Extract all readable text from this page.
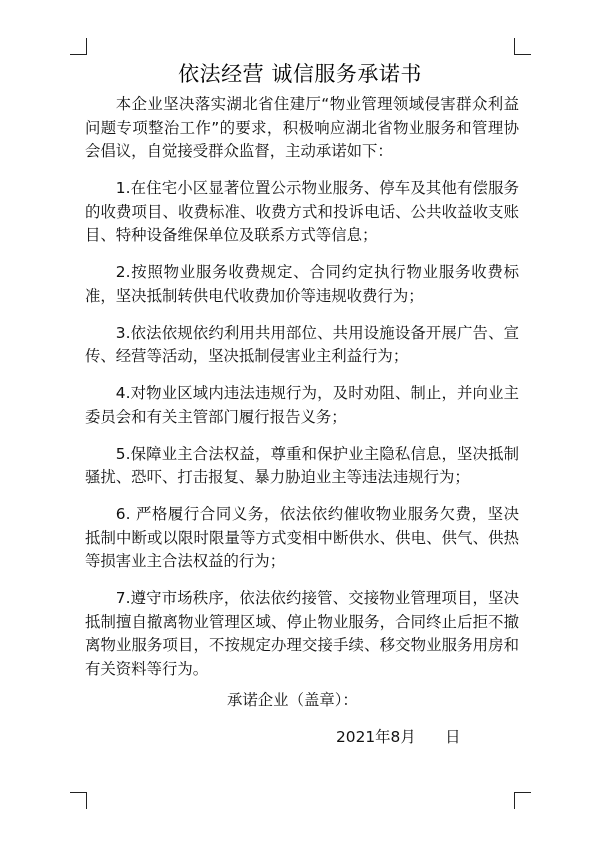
依法经营 诚信服务承诺书

本企业坚决落实湖北省住建厅“物业管理领域侵害群众利益问题专项整治工作”的要求，积极响应湖北省物业服务和管理协会倡议，自觉接受群众监督，主动承诺如下：

1.在住宅小区显著位置公示物业服务、停车及其他有偿服务的收费项目、收费标准、收费方式和投诉电话、公共收益收支账目、特种设备维保单位及联系方式等信息；

2.按照物业服务收费规定、合同约定执行物业服务收费标准，坚决抵制转供电代收费加价等违规收费行为；

3.依法依规依约利用共用部位、共用设施设备开展广告、宣传、经营等活动，坚决抵制侵害业主利益行为；

4.对物业区域内违法违规行为，及时劝阻、制止，并向业主委员会和有关主管部门履行报告义务；

5.保障业主合法权益，尊重和保护业主隐私信息，坚决抵制骚扰、恐吓、打击报复、暴力胁迫业主等违法违规行为；

6. 严格履行合同义务，依法依约催收物业服务欠费，坚决抵制中断或以限时限量等方式变相中断供水、供电、供气、供热等损害业主合法权益的行为；

7.遵守市场秩序，依法依约接管、交接物业管理项目，坚决抵制擅自撤离物业管理区域、停止物业服务，合同终止后拒不撤离物业服务项目，不按规定办理交接手续、移交物业服务用房和有关资料等行为。

承诺企业（盖章）：
2021年8月      日
